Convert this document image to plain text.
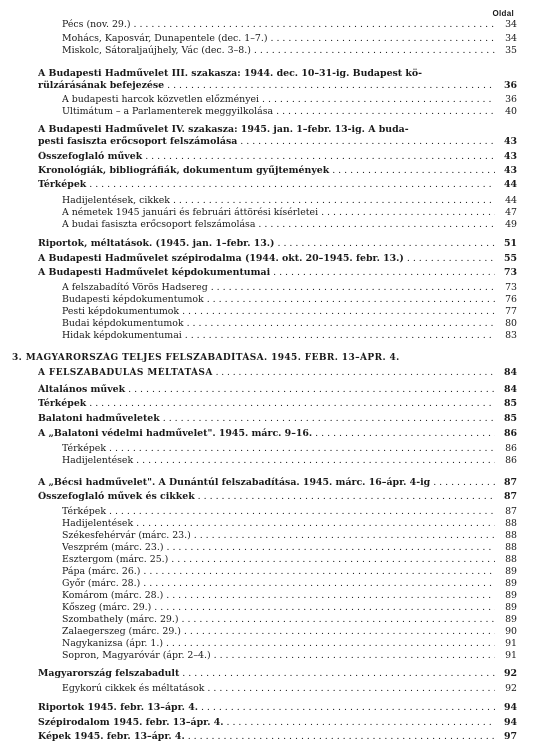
Oldal
Pécs (nov. 29.) . . .	34
Mohács, Kaposvár, Dunapentele (dec. 1–7.) . . .	34
Miskolc, Sátoraljaújhely, Vác (dec. 3–8.) . . .	35
A Budapesti Hadművelet III. szakasza: 1944. dec. 10–31-ig. Budapest kö-
rülzárásának befejezése . . .	36
A budapesti harcok közvetlen előzményei . . .	36
Ultimátum – a Parlamenterek meggyilkolása . . .	40
A Budapesti Hadművelet IV. szakasza: 1945. jan. 1–febr. 13-ig. A buda-
pesti fasiszta erőcsoport felszámolása . . .	43
Összefoglaló művek . . .	43
Kronológiák, bibliográfiák, dokumentum gyűjtemények . . .	43
Térképek . . .	44
Hadijelentések, cikkek . . .	44
A németek 1945 januári és februári áttörési kísérletei . . .	47
A budai fasiszta erőcsoport felszámolása . . .	49
Riportok, méltatások. (1945. jan. 1–febr. 13.) . . .	51
A Budapesti Hadművelet szépirodalma (1944. okt. 20–1945. febr. 13.) . . .	55
A Budapesti Hadművelet képdokumentumai . . .	73
A felszabadító Vörös Hadsereg . . .	73
Budapesti képdokumentumok . . .	76
Pesti képdokumentumok . . .	77
Budai képdokumentumok . . .	80
Hidak képdokumentumai . . .	83
3. MAGYARORSZÁG TELJES FELSZABADÍTÁSA. 1945. FEBR. 13–ÁPR. 4.
A FELSZABADULÁS MÉLTATÁSA . . .	84
Általános művek . . .	84
Térképek . . .	85
Balatoni hadműveletek . . .	85
A „Balatoni védelmi hadművelet". 1945. márc. 9–16. . . .	86
Térképek . . .	86
Hadijelentések . . .	86
A „Bécsi hadművelet". A Dunántúl felszabadítása. 1945. márc. 16–ápr. 4-ig . . .	87
Összefoglaló művek és cikkek . . .	87
Térképek . . .	87
Hadijelentések . . .	88
Székesfehérvár (márc. 23.) . . .	88
Veszprém (márc. 23.) . . .	88
Esztergom (márc. 25.) . . .	88
Pápa (márc. 26.) . . .	89
Győr (márc. 28.) . . .	89
Komárom (márc. 28.) . . .	89
Kőszeg (márc. 29.) . . .	89
Szombathely (márc. 29.) . . .	89
Zalaegerszeg (márc. 29.) . . .	90
Nagykanizsa (ápr. 1.) . . .	91
Sopron, Magyaróvár (ápr. 2–4.) . . .	91
Magyarország felszabadult . . .	92
Egykorú cikkek és méltatások . . .	92
Riportok 1945. febr. 13–ápr. 4. . . .	94
Szépirodalom 1945. febr. 13–ápr. 4. . . .	94
Képek 1945. febr. 13–ápr. 4. . . .	97
